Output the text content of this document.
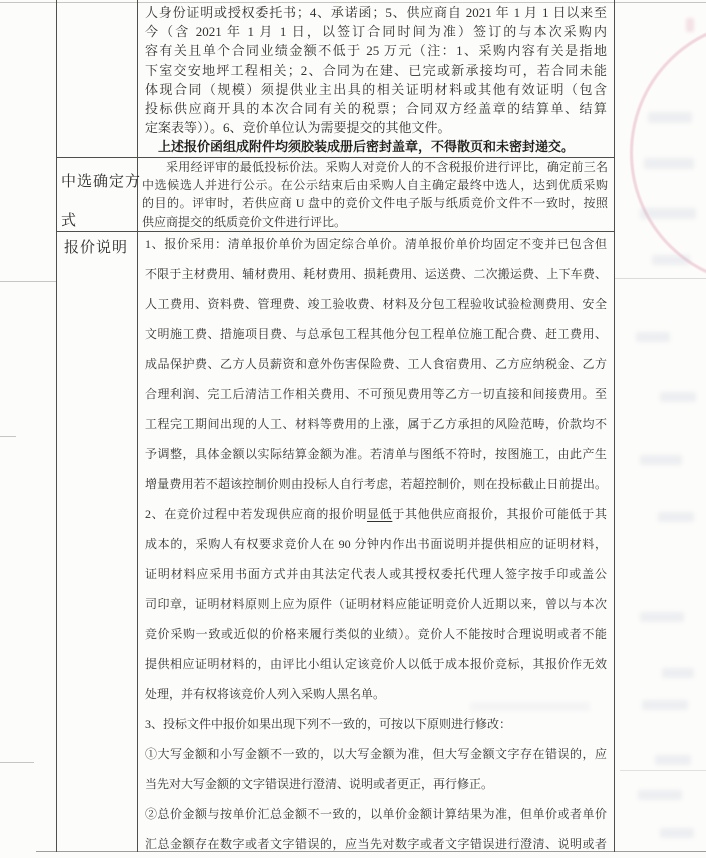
人身份证明或授权委托书；4、承诺函；5、供应商自 2021 年 1 月 1 日以来至
今（含 2021 年 1 月 1 日，以签订合同时间为准）签订的与本次采购内
容有关且单个合同业绩金额不低于 25 万元（注：1、采购内容有关是指地
下室交安地坪工程相关；2、合同为在建、已完或新承接均可，若合同未能
体现合同（规模）须提供业主出具的相关证明材料或其他有效证明（包含
投标供应商开具的本次合同有关的税票；合同双方经盖章的结算单、结算
定案表等））。6、竞价单位认为需要提交的其他文件。
上述报价函组成附件均须胶装成册后密封盖章，不得散页和未密封递交。
中选确定方
式
采用经评审的最低投标价法。采购人对竞价人的不含税报价进行评比，确定前三名
中选候选人并进行公示。在公示结束后由采购人自主确定最终中选人，达到优质采购
的目的。评审时，若供应商 U 盘中的竞价文件电子版与纸质竞价文件不一致时，按照
供应商提交的纸质竞价文件进行评比。
报价说明 1、报价采用：清单报价单价为固定综合单价。清单报价单价均固定不变并已包含但
不限于主材费用、辅材费用、耗材费用、损耗费用、运送费、二次搬运费、上下车费、
人工费用、资料费、管理费、竣工验收费、材料及分包工程验收试验检测费用、安全
文明施工费、措施项目费、与总承包工程其他分包工程单位施工配合费、赶工费用、
成品保护费、乙方人员薪资和意外伤害保险费、工人食宿费用、乙方应纳税金、乙方
合理利润、完工后清洁工作相关费用、不可预见费用等乙方一切直接和间接费用。至
工程完工期间出现的人工、材料等费用的上涨，属于乙方承担的风险范畴，价款均不
予调整，具体金额以实际结算金额为准。若清单与图纸不符时，按图施工，由此产生
增量费用若不超该控制价则由投标人自行考虑，若超控制价，则在投标截止日前提出。
2、在竞价过程中若发现供应商的报价明显低于其他供应商报价，其报价可能低于其
成本的，采购人有权要求竞价人在 90 分钟内作出书面说明并提供相应的证明材料，
证明材料应采用书面方式并由其法定代表人或其授权委托代理人签字按手印或盖公
司印章，证明材料原则上应为原件（证明材料应能证明竞价人近期以来，曾以与本次
竞价采购一致或近似的价格来履行类似的业绩）。竞价人不能按时合理说明或者不能
提供相应证明材料的，由评比小组认定该竞价人以低于成本报价竞标，其报价作无效
处理，并有权将该竞价人列入采购人黑名单。
3、投标文件中报价如果出现下列不一致的，可按以下原则进行修改：
①大写金额和小写金额不一致的，以大写金额为准，但大写金额文字存在错误的，应
当先对大写金额的文字错误进行澄清、说明或者更正，再行修正。
②总价金额与按单价汇总金额不一致的，以单价金额计算结果为准，但单价或者单价
汇总金额存在数字或者文字错误的，应当先对数字或者文字错误进行澄清、说明或者
